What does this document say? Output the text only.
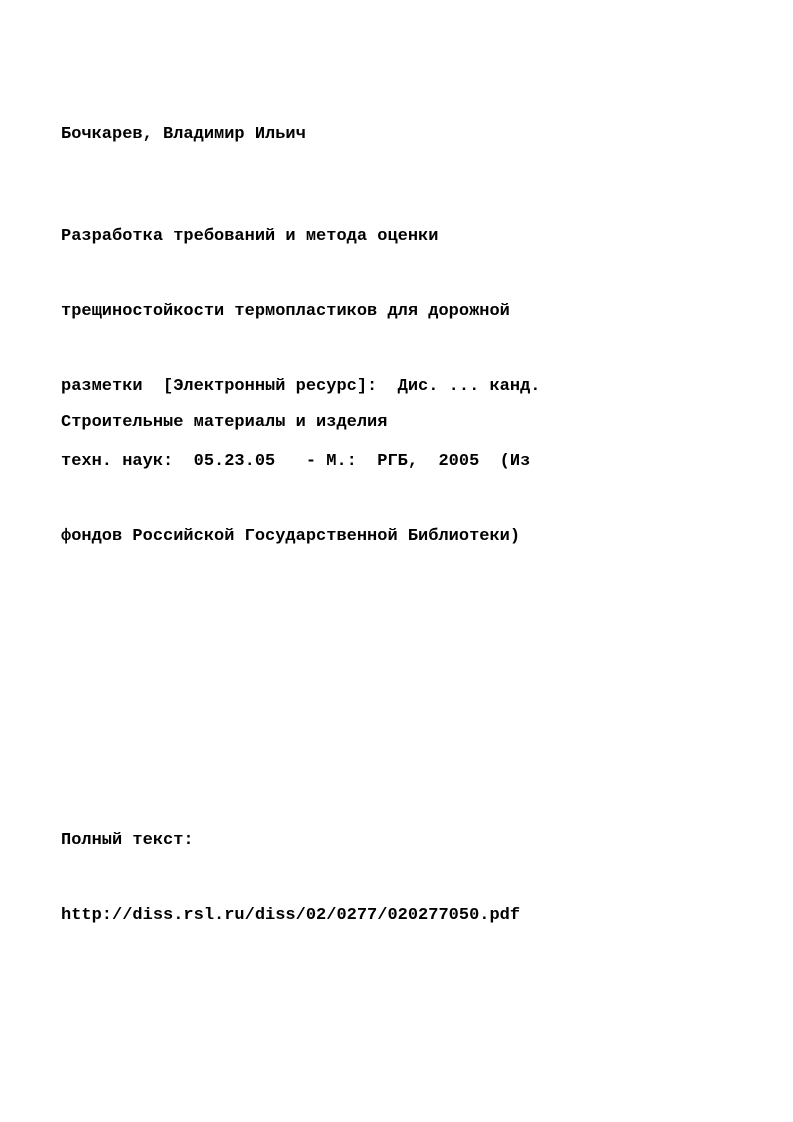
Бочкарев, Владимир Ильич

Разработка требований и метода оценки

трещиностойкости термопластиков для дорожной

разметки  [Электронный ресурс]:  Дис. ... канд.

техн. наук:  05.23.05   - М.:  РГБ,  2005  (Из

фондов Российской Государственной Библиотеки)

Строительные материалы и изделия

Полный текст:

http://diss.rsl.ru/diss/02/0277/020277050.pdf
